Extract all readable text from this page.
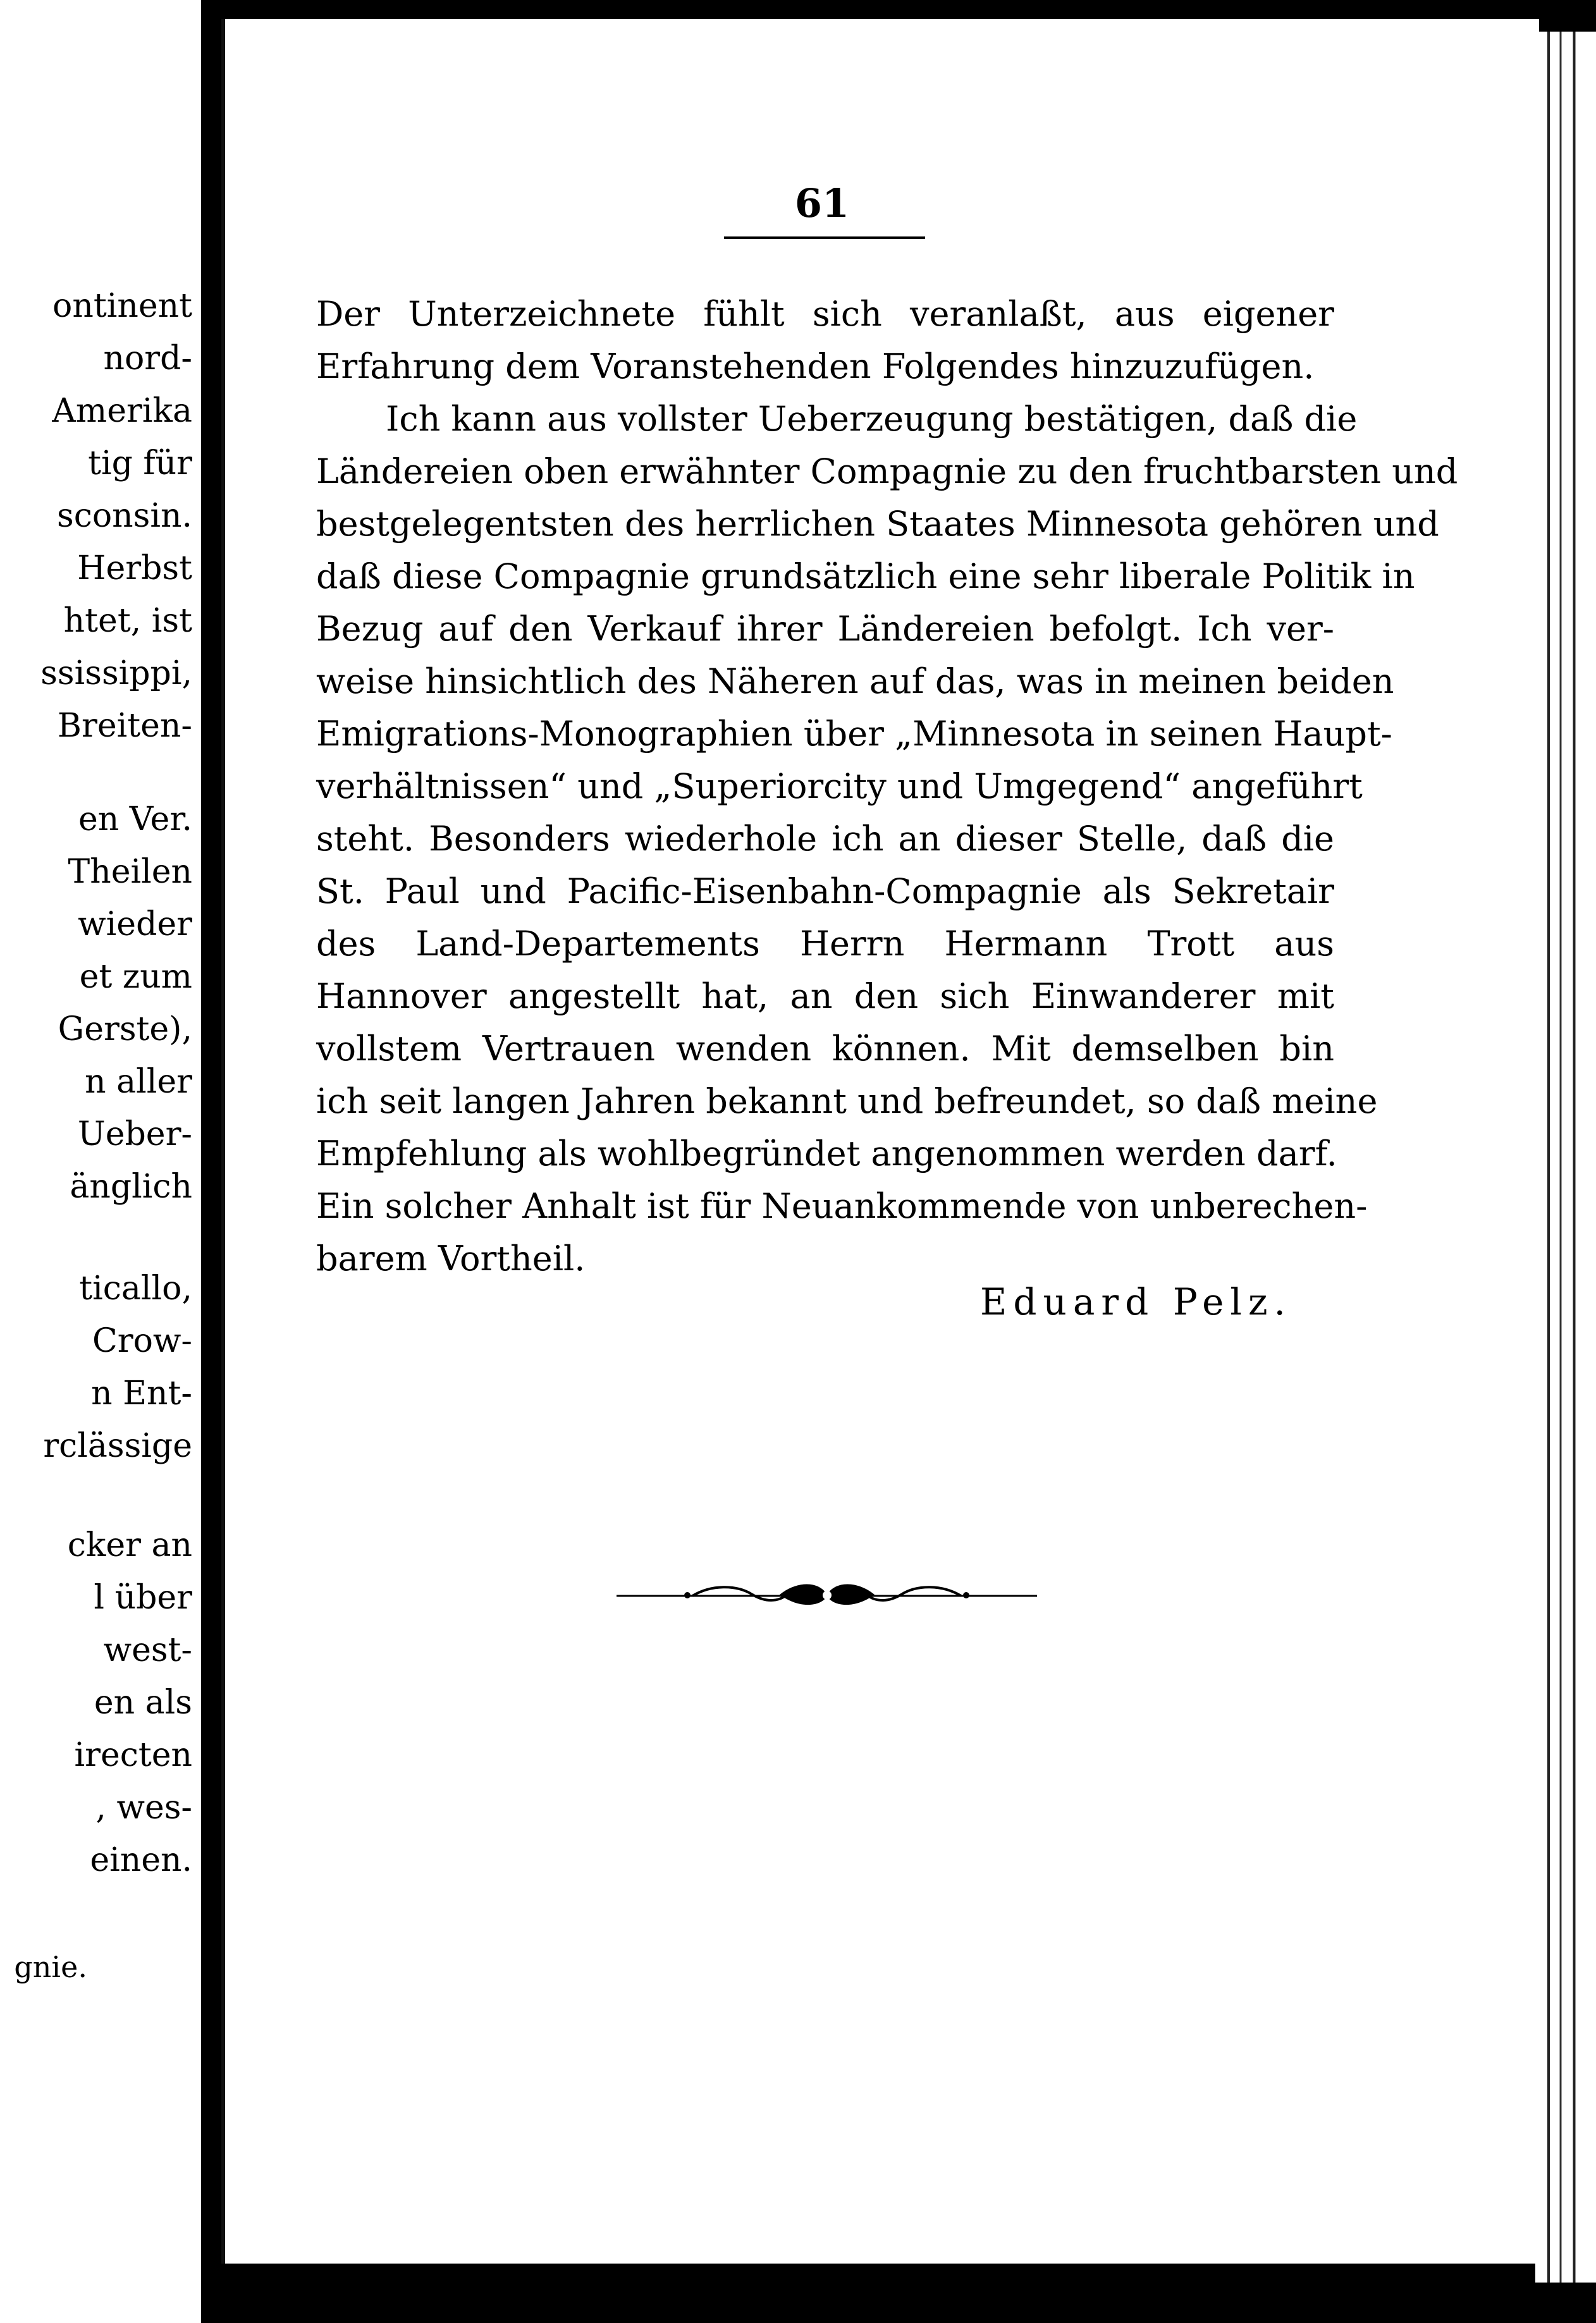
ontinent
nord-
Amerika
tig für
sconsin.
Herbst
htet, ist
ssissippi,
Breiten-
en Ver.
Theilen
wieder
et zum
Gerste),
n aller
Ueber-
änglich
ticallo,
Crow-
n Ent-
rclässige
cker an
l über
west-
en als
irecten
, wes-
einen.
gnie.
61
Der Unterzeichnete fühlt sich veranlaßt, aus eigener
Erfahrung dem Voranstehenden Folgendes hinzuzufügen.
Ich kann aus vollster Ueberzeugung bestätigen, daß die
Ländereien oben erwähnter Compagnie zu den fruchtbarsten und
bestgelegentsten des herrlichen Staates Minnesota gehören und
daß diese Compagnie grundsätzlich eine sehr liberale Politik in
Bezug auf den Verkauf ihrer Ländereien befolgt. Ich ver-
weise hinsichtlich des Näheren auf das, was in meinen beiden
Emigrations-Monographien über „Minnesota in seinen Haupt-
verhältnissen“ und „Superiorcity und Umgegend“ angeführt
steht. Besonders wiederhole ich an dieser Stelle, daß die
St. Paul und Pacific-Eisenbahn-Compagnie als Sekretair
des Land-Departements Herrn Hermann Trott aus
Hannover angestellt hat, an den sich Einwanderer mit
vollstem Vertrauen wenden können. Mit demselben bin
ich seit langen Jahren bekannt und befreundet, so daß meine
Empfehlung als wohlbegründet angenommen werden darf.
Ein solcher Anhalt ist für Neuankommende von unberechen-
barem Vortheil.
Eduard Pelz.
